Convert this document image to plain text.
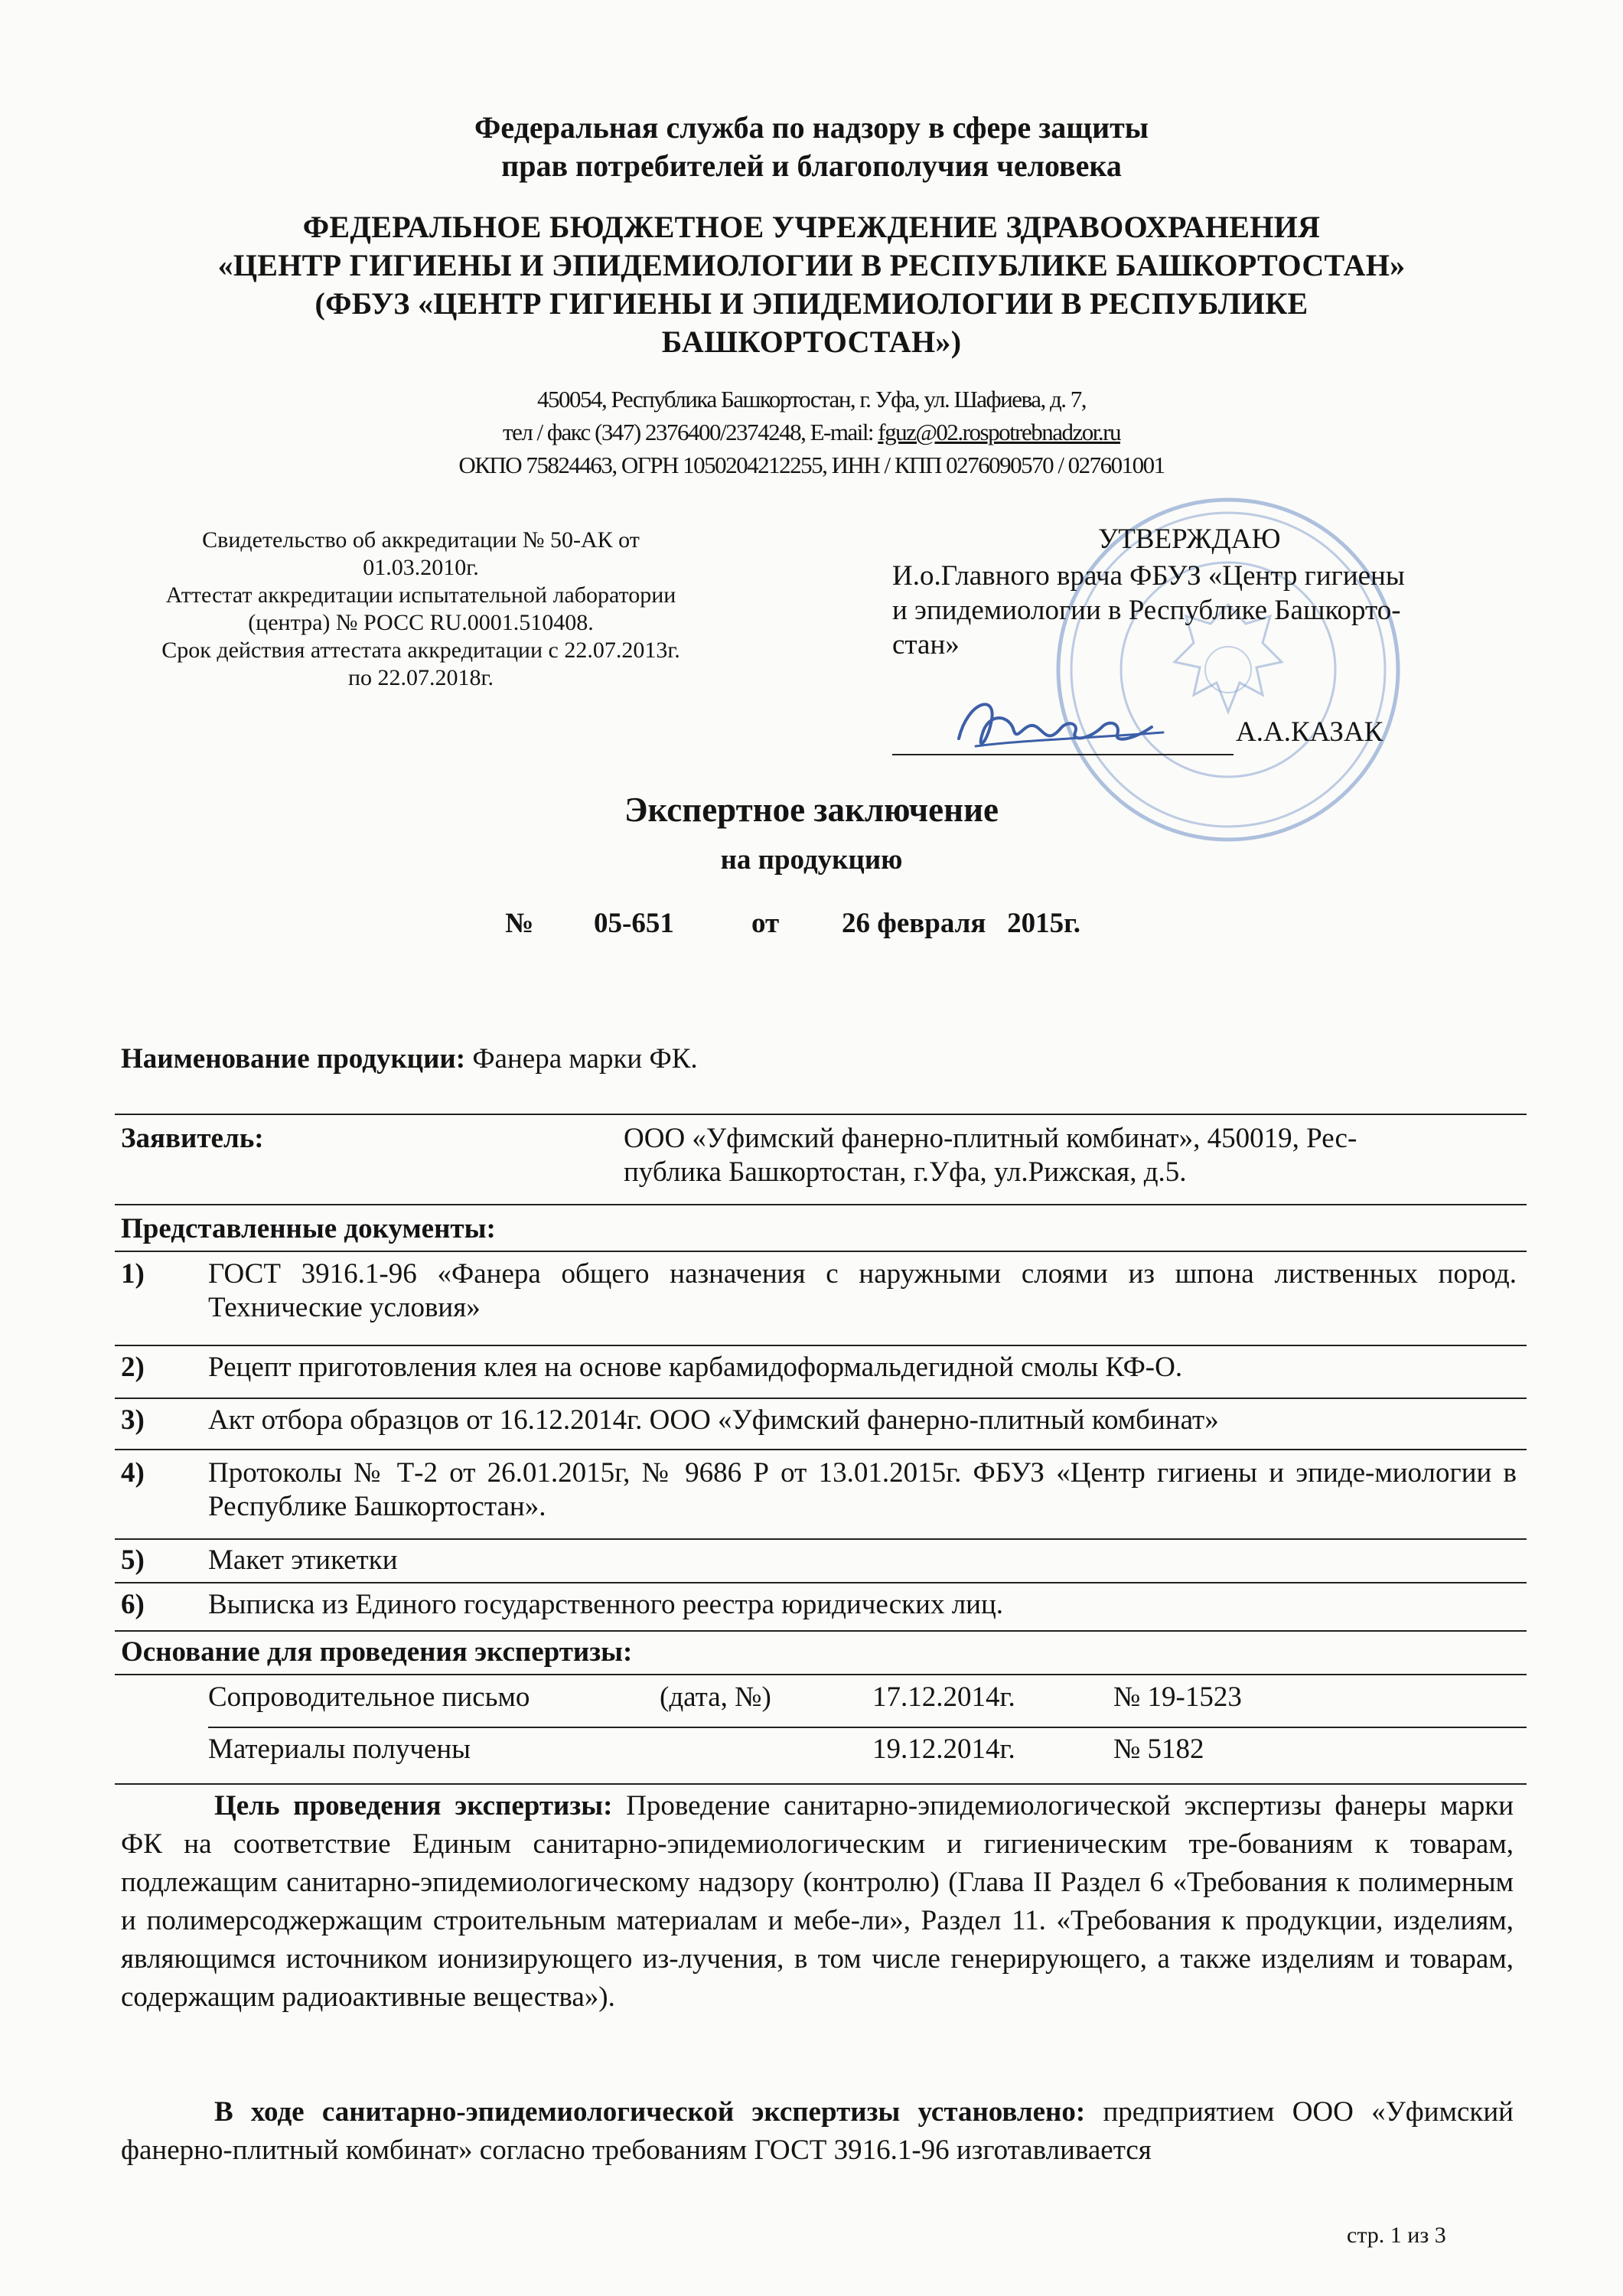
Федеральная служба по надзору в сфере защиты
прав потребителей и благополучия человека
ФЕДЕРАЛЬНОЕ БЮДЖЕТНОЕ УЧРЕЖДЕНИЕ ЗДРАВООХРАНЕНИЯ
«ЦЕНТР ГИГИЕНЫ И ЭПИДЕМИОЛОГИИ В РЕСПУБЛИКЕ БАШКОРТОСТАН»
(ФБУЗ «ЦЕНТР ГИГИЕНЫ И ЭПИДЕМИОЛОГИИ В РЕСПУБЛИКЕ
БАШКОРТОСТАН»)
450054, Республика Башкортостан, г. Уфа, ул. Шафиева, д. 7,
тел / факс (347) 2376400/2374248, E-mail: fguz@02.rospotrebnadzor.ru
ОКПО 75824463, ОГРН 1050204212255, ИНН / КПП 0276090570 / 027601001
Свидетельство об аккредитации № 50-АК от
01.03.2010г.
Аттестат аккредитации испытательной лаборатории
(центра) № РОСС RU.0001.510408.
Срок действия аттестата аккредитации с 22.07.2013г.
по 22.07.2018г.
УТВЕРЖДАЮ
И.о.Главного врача ФБУЗ «Центр гигиены
и эпидемиологии в Республике Башкорто-
стан»
А.А.КАЗАК
Экспертное заключение
на продукцию
№ 05-651	от 26 февраля   2015г.
Наименование продукции: Фанера марки ФК.
Заявитель:	ООО «Уфимский фанерно-плитный комбинат», 450019, Рес-
публика Башкортостан, г.Уфа, ул.Рижская, д.5.
Представленные документы:
1) ГОСТ 3916.1-96 «Фанера общего назначения с наружными слоями из шпона лиственных пород. Технические условия»
2) Рецепт приготовления клея на основе карбамидоформальдегидной смолы КФ-О.
3) Акт отбора образцов от 16.12.2014г. ООО «Уфимский фанерно-плитный комбинат»
4) Протоколы № Т-2 от 26.01.2015г, № 9686 Р от 13.01.2015г. ФБУЗ «Центр гигиены и эпиде-миологии в Республике Башкортостан».
5) Макет этикетки
6) Выписка из Единого государственного реестра юридических лиц.
Основание для проведения экспертизы:
Сопроводительное письмо	(дата, №)	17.12.2014г.	№ 19-1523
Материалы получены	19.12.2014г.	№ 5182
Цель проведения экспертизы: Проведение санитарно-эпидемиологической экспертизы фанеры марки ФК на соответствие Единым санитарно-эпидемиологическим и гигиеническим тре-бованиям к товарам, подлежащим санитарно-эпидемиологическому надзору (контролю) (Глава II Раздел 6 «Требования к полимерным и полимерсоджержащим строительным материалам и мебе-ли», Раздел 11. «Требования к продукции, изделиям, являющимся источником ионизирующего из-лучения, в том числе генерирующего, а также изделиям и товарам, содержащим радиоактивные вещества»).
В ходе санитарно-эпидемиологической экспертизы установлено: предприятием ООО «Уфимский фанерно-плитный комбинат» согласно требованиям ГОСТ 3916.1-96 изготавливается
стр. 1 из 3
